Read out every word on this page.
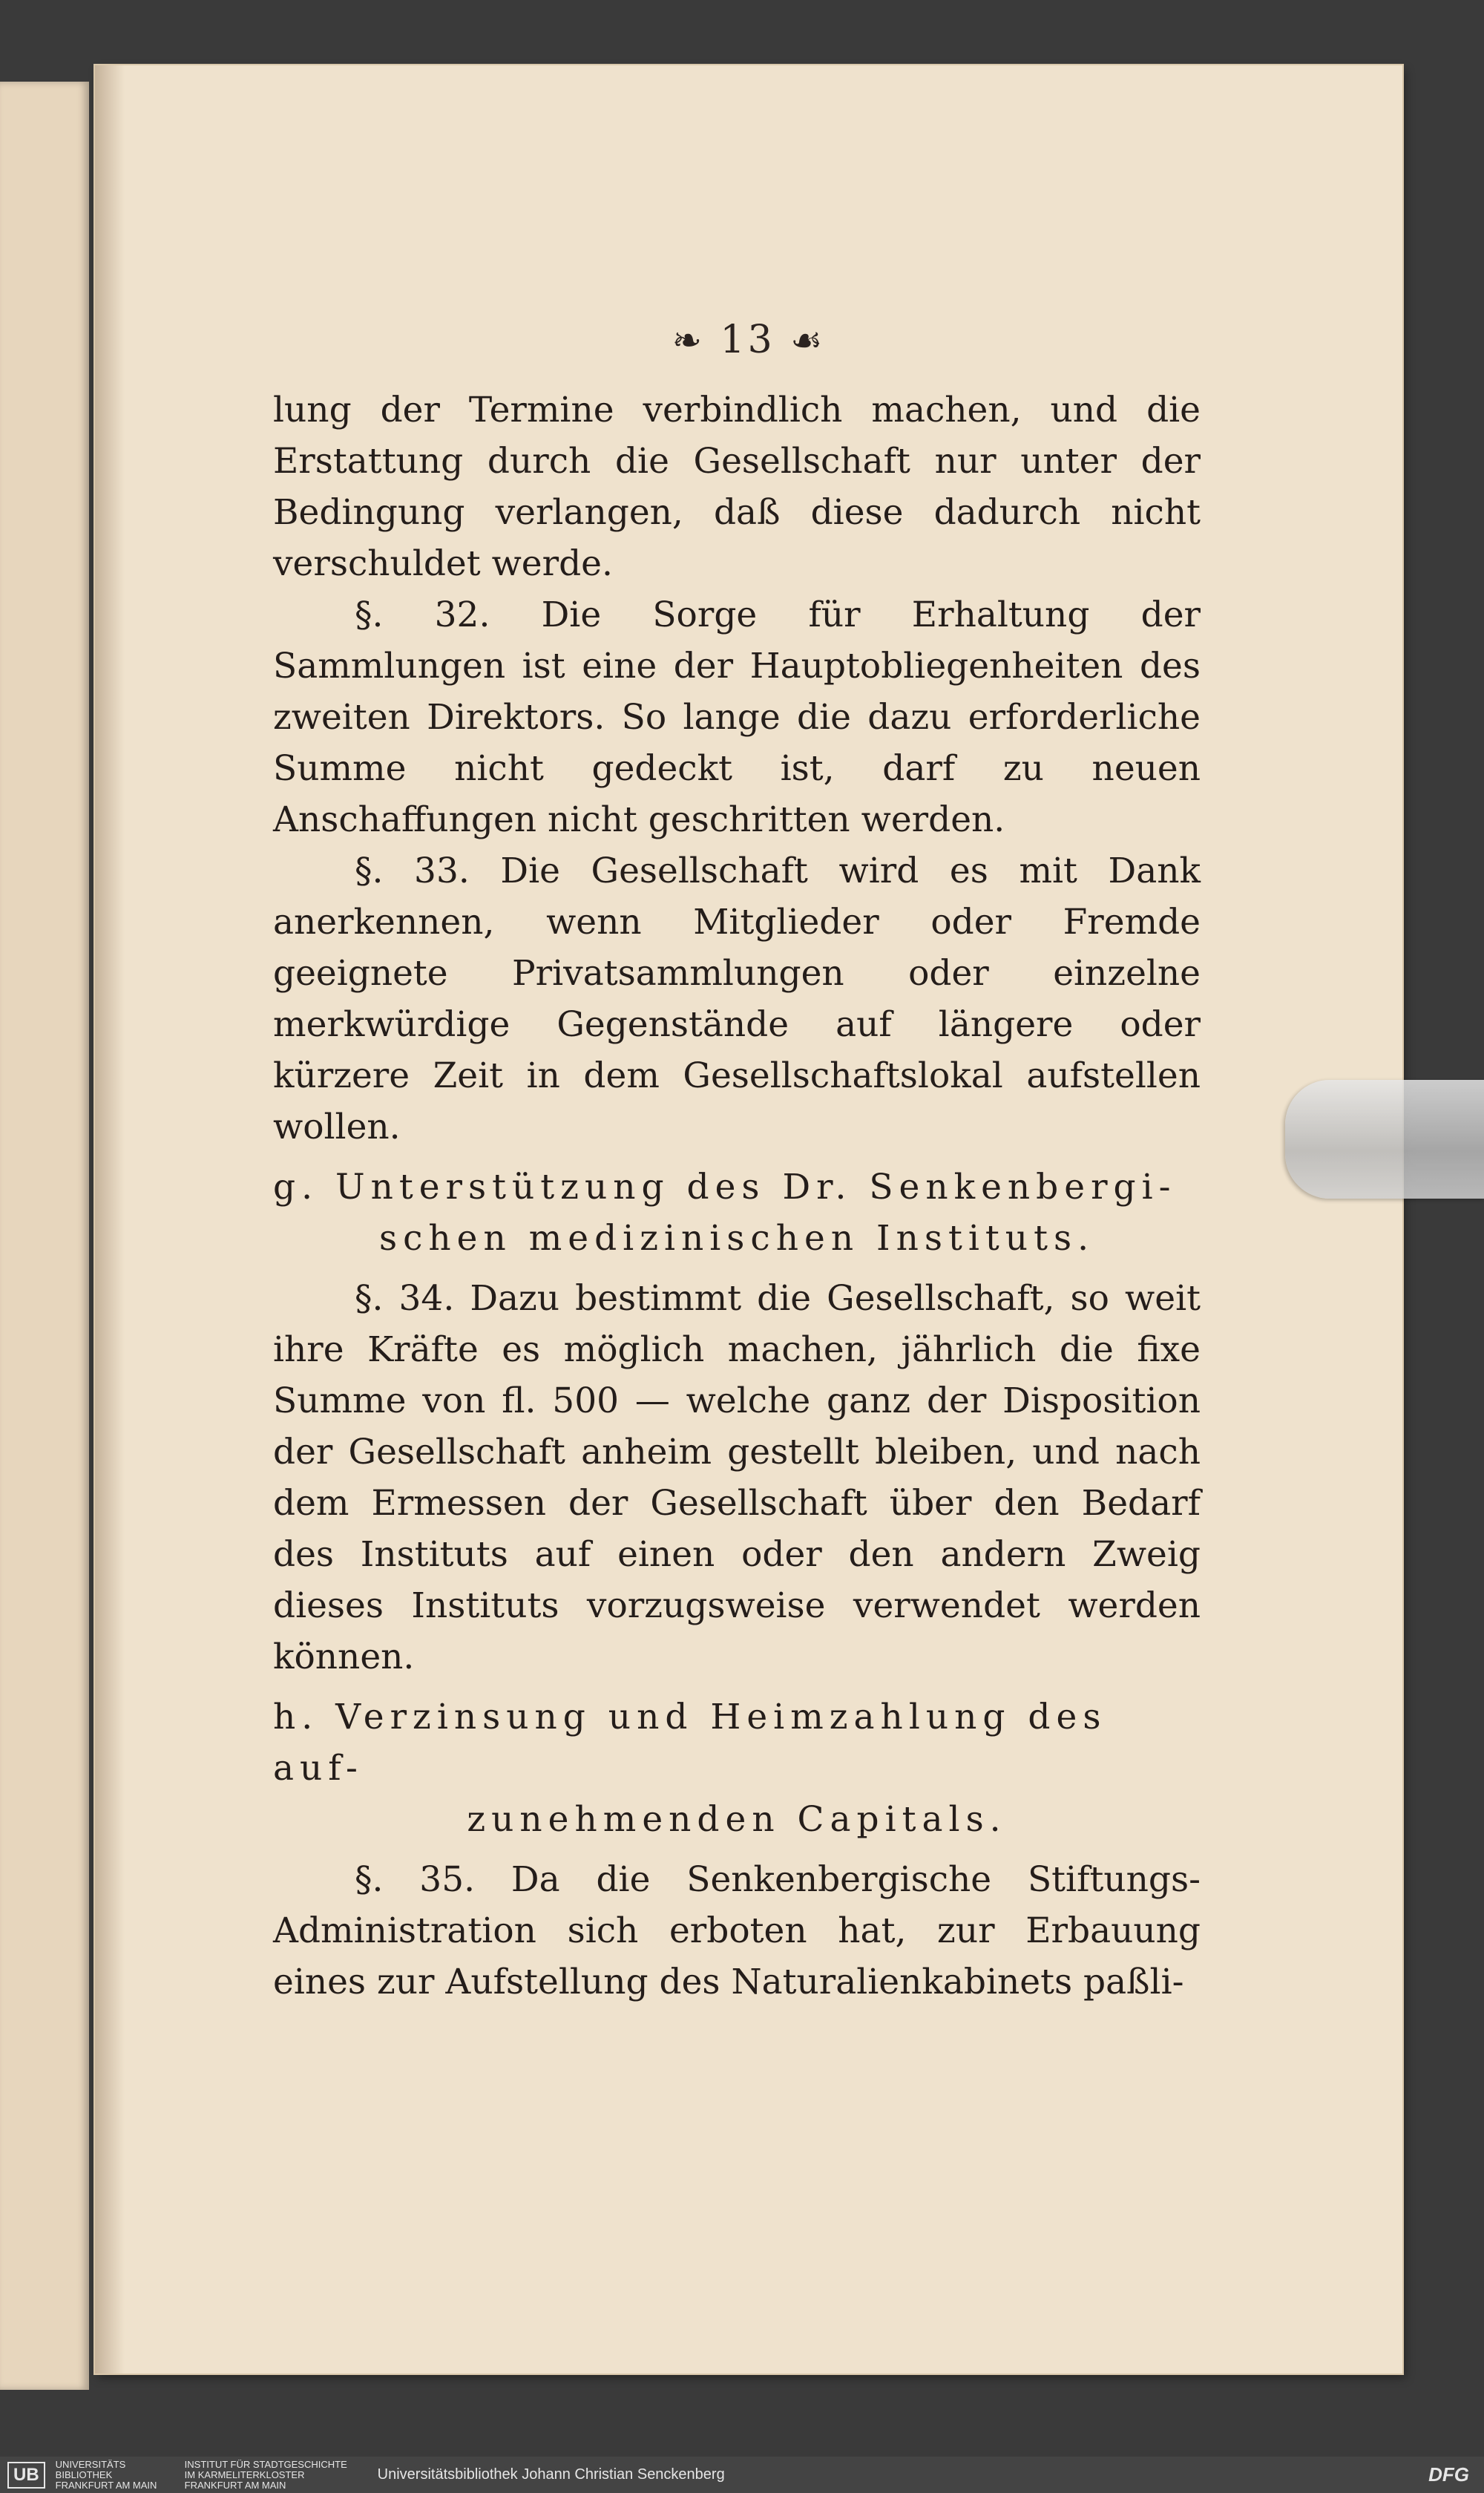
❧ 13 ☙

lung der Termine verbindlich machen, und die Erstattung durch die Gesellschaft nur unter der Bedingung verlangen, daß diese dadurch nicht verschuldet werde.

§. 32. Die Sorge für Erhaltung der Sammlungen ist eine der Hauptobliegenheiten des zweiten Direktors. So lange die dazu erforderliche Summe nicht gedeckt ist, darf zu neuen Anschaffungen nicht geschritten werden.

§. 33. Die Gesellschaft wird es mit Dank anerkennen, wenn Mitglieder oder Fremde geeignete Privatsammlungen oder einzelne merkwürdige Gegenstände auf längere oder kürzere Zeit in dem Gesellschaftslokal aufstellen wollen.

g. Unterstützung des Dr. Senkenbergi-
schen medizinischen Instituts.

§. 34. Dazu bestimmt die Gesellschaft, so weit ihre Kräfte es möglich machen, jährlich die fixe Summe von fl. 500 — welche ganz der Disposition der Gesellschaft anheim gestellt bleiben, und nach dem Ermessen der Gesellschaft über den Bedarf des Instituts auf einen oder den andern Zweig dieses Instituts vorzugsweise verwendet werden können.

h. Verzinsung und Heimzahlung des auf-
zunehmenden Capitals.

§. 35. Da die Senkenbergische Stiftungs-Administration sich erboten hat, zur Erbauung eines zur Aufstellung des Naturalienkabinets paßli-

UB
UNIVERSITÄTS BIBLIOTHEK FRANKFURT AM MAIN
INSTITUT FÜR STADTGESCHICHTE IM KARMELITERKLOSTER FRANKFURT AM MAIN
Universitätsbibliothek Johann Christian Senckenberg	DFG
